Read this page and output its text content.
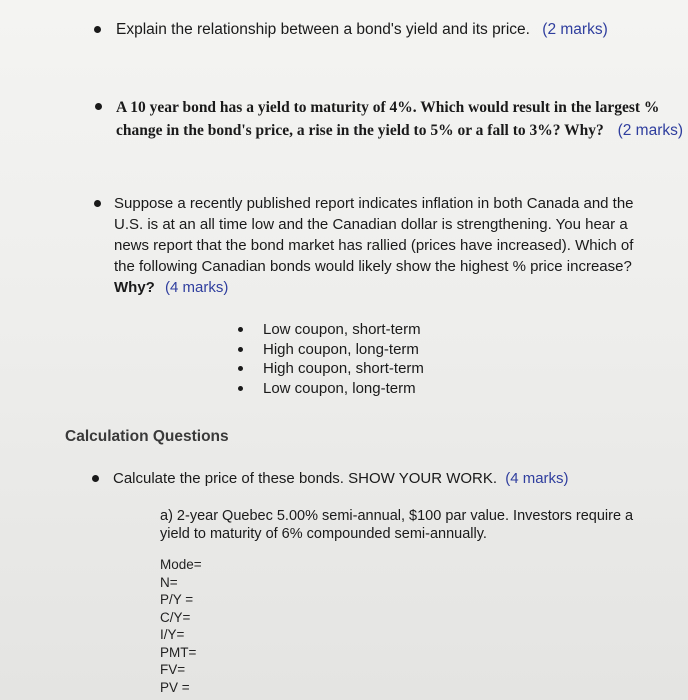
Explain the relationship between a bond's yield and its price. (2 marks)
A 10 year bond has a yield to maturity of 4%. Which would result in the largest %
change in the bond's price, a rise in the yield to 5% or a fall to 3%? Why? (2 marks)
Suppose a recently published report indicates inflation in both Canada and the
U.S. is at an all time low and the Canadian dollar is strengthening. You hear a
news report that the bond market has rallied (prices have increased). Which of
the following Canadian bonds would likely show the highest % price increase?
Why? (4 marks)
Low coupon, short-term
High coupon, long-term
High coupon, short-term
Low coupon, long-term
Calculation Questions
Calculate the price of these bonds. SHOW YOUR WORK. (4 marks)
a) 2-year Quebec 5.00% semi-annual, $100 par value. Investors require a
yield to maturity of 6% compounded semi-annually.
Mode=
N=
P/Y =
C/Y=
I/Y=
PMT=
FV=
PV =
